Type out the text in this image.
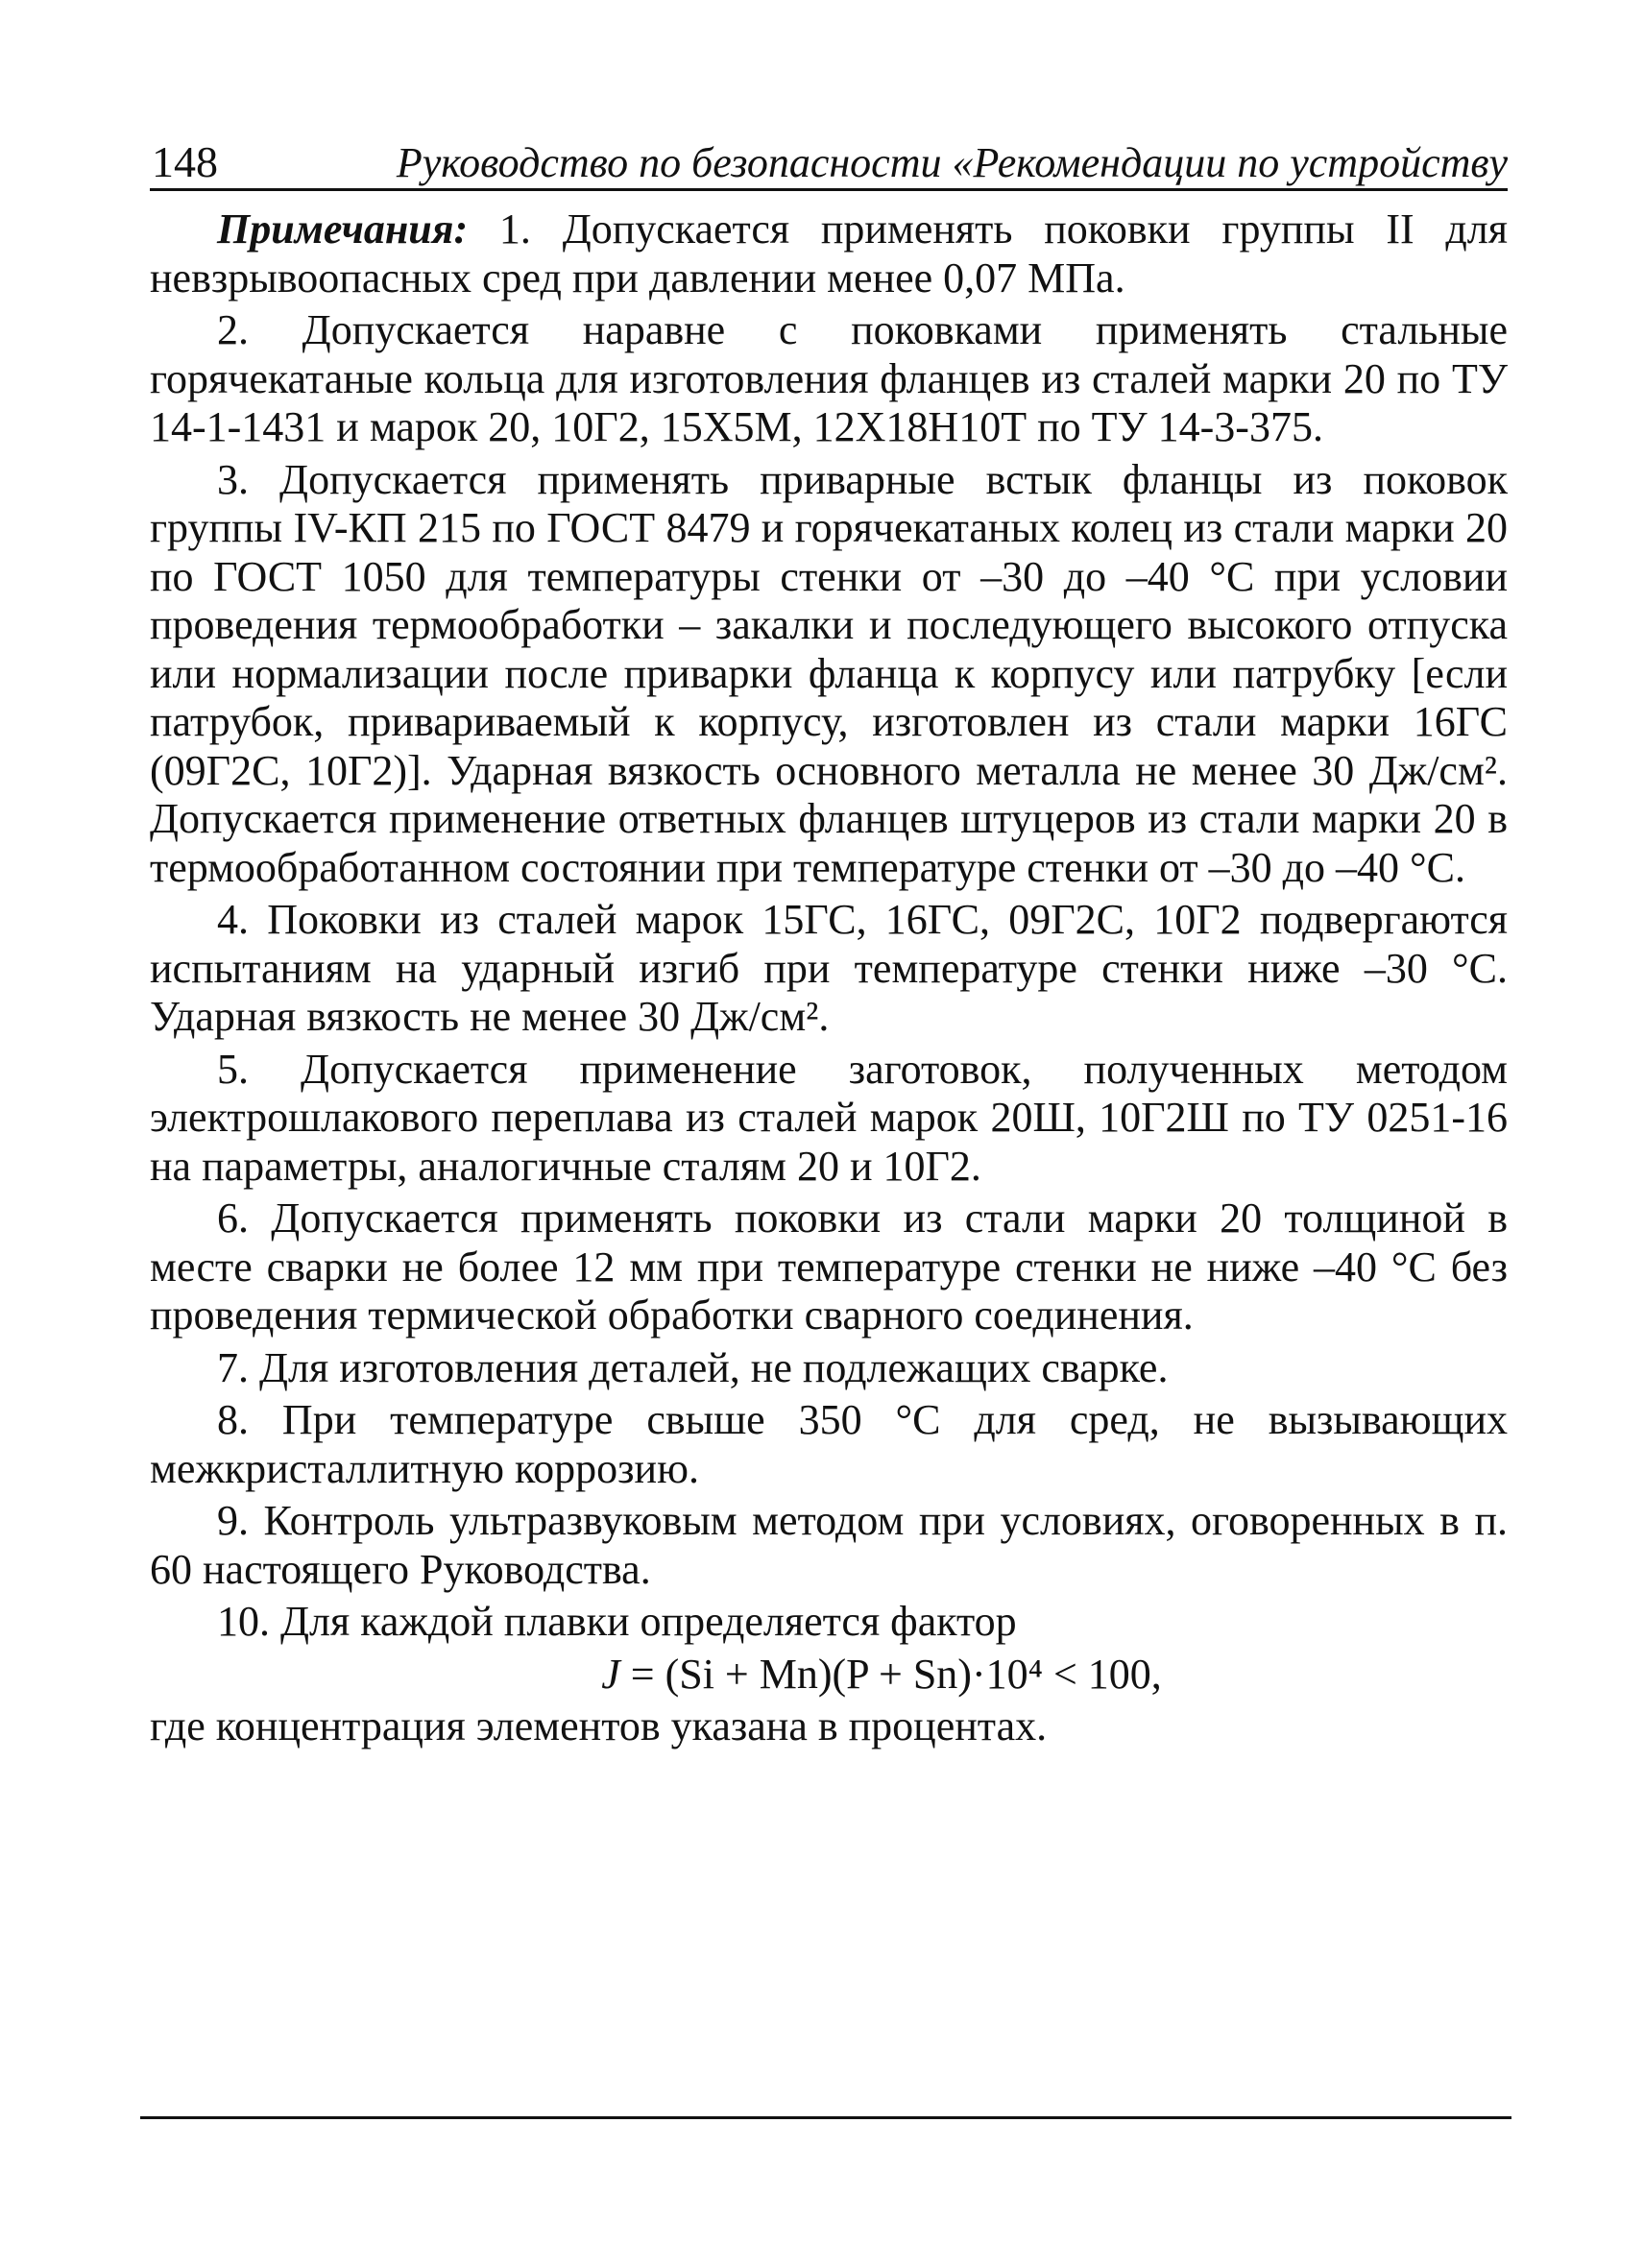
148	Руководство по безопасности «Рекомендации по устройству

Примечания: 1. Допускается применять поковки группы II для невзрывоопасных сред при давлении менее 0,07 МПа.

2. Допускается наравне с поковками применять стальные горячекатаные кольца для изготовления фланцев из сталей марки 20 по ТУ 14-1-1431 и марок 20, 10Г2, 15Х5М, 12Х18Н10Т по ТУ 14-3-375.

3. Допускается применять приварные встык фланцы из поковок группы IV-КП 215 по ГОСТ 8479 и горячекатаных колец из стали марки 20 по ГОСТ 1050 для температуры стенки от –30 до –40 °С при условии проведения термообработки – закалки и последующего высокого отпуска или нормализации после приварки фланца к корпусу или патрубку [если патрубок, привариваемый к корпусу, изготовлен из стали марки 16ГС (09Г2С, 10Г2)]. Ударная вязкость основного металла не менее 30 Дж/см². Допускается применение ответных фланцев штуцеров из стали марки 20 в термообработанном состоянии при температуре стенки от –30 до –40 °С.

4. Поковки из сталей марок 15ГС, 16ГС, 09Г2С, 10Г2 подвергаются испытаниям на ударный изгиб при температуре стенки ниже –30 °С. Ударная вязкость не менее 30 Дж/см².

5. Допускается применение заготовок, полученных методом электрошлакового переплава из сталей марок 20Ш, 10Г2Ш по ТУ 0251-16 на параметры, аналогичные сталям 20 и 10Г2.

6. Допускается применять поковки из стали марки 20 толщиной в месте сварки не более 12 мм при температуре стенки не ниже –40 °С без проведения термической обработки сварного соединения.

7. Для изготовления деталей, не подлежащих сварке.

8. При температуре свыше 350 °С для сред, не вызывающих межкристаллитную коррозию.

9. Контроль ультразвуковым методом при условиях, оговоренных в п. 60 настоящего Руководства.

10. Для каждой плавки определяется фактор

J = (Si + Mn)(P + Sn)·10⁴ < 100,

где концентрация элементов указана в процентах.
